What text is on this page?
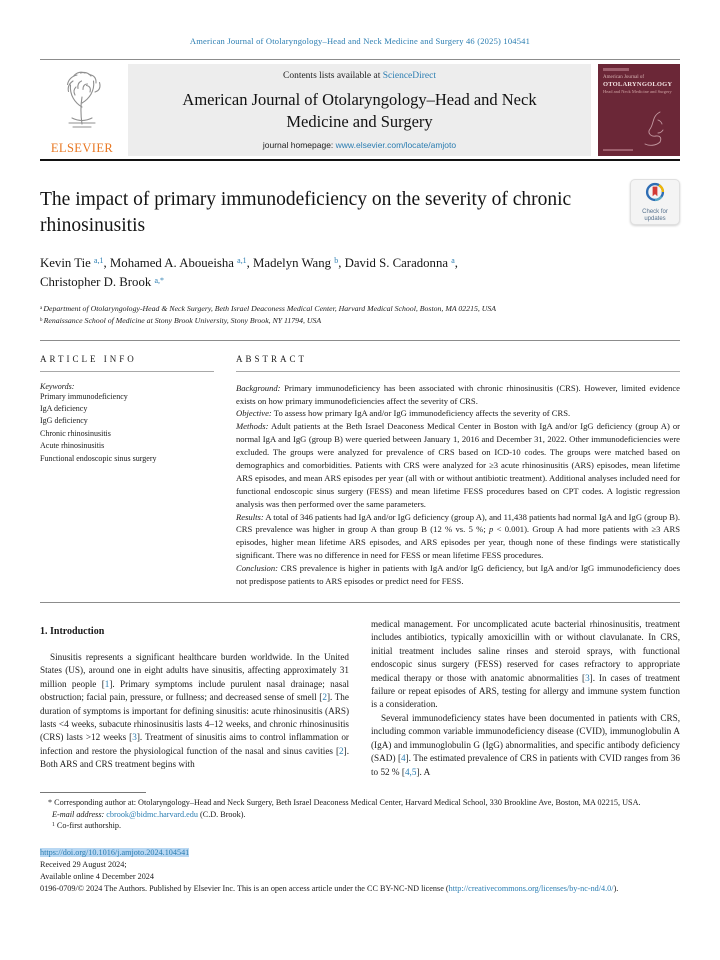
American Journal of Otolaryngology–Head and Neck Medicine and Surgery 46 (2025) 104541
ELSEVIER
Contents lists available at ScienceDirect
American Journal of Otolaryngology–Head and Neck Medicine and Surgery
journal homepage: www.elsevier.com/locate/amjoto
American Journal of
OTOLARYNGOLOGY
Head and Neck Medicine and Surgery
The impact of primary immunodeficiency on the severity of chronic rhinosinusitis
Check for
updates
Kevin Tie $^{a,1}$, Mohamed A. Aboueisha $^{a,1}$, Madelyn Wang $^b$, David S. Caradonna $^a$,
Christopher D. Brook $^{a,*}$
$^a$ Department of Otolaryngology-Head & Neck Surgery, Beth Israel Deaconess Medical Center, Harvard Medical School, Boston, MA 02215, USA
$^b$ Renaissance School of Medicine at Stony Brook University, Stony Brook, NY 11794, USA
ARTICLE INFO
Keywords:
Primary immunodeficiency
IgA deficiency
IgG deficiency
Chronic rhinosinusitis
Acute rhinosinusitis
Functional endoscopic sinus surgery
ABSTRACT

Background: Primary immunodeficiency has been associated with chronic rhinosinusitis (CRS). However, limited evidence exists on how primary immunodeficiencies affect the severity of CRS.

Objective: To assess how primary IgA and/or IgG immunodeficiency affects the severity of CRS.

Methods: Adult patients at the Beth Israel Deaconess Medical Center in Boston with IgA and/or IgG deficiency (group A) or normal IgA and IgG (group B) were queried between January 1, 2016 and December 31, 2022. Other immunodeficiencies were excluded. The groups were analyzed for prevalence of CRS based on ICD-10 codes. The groups were matched based on demographics and comorbidities. Patients with CRS were analyzed for ≥3 acute rhinosinusitis (ARS) episodes, mean lifetime ARS episodes, and mean ARS episodes per year (all with or without antibiotic treatment). Additional analyses included need for functional endoscopic sinus surgery (FESS) and mean lifetime FESS procedures based on CPT codes. A logistic regression analysis was then performed over the same parameters.

Results: A total of 346 patients had IgA and/or IgG deficiency (group A), and 11,438 patients had normal IgA and IgG (group B). CRS prevalence was higher in group A than group B (12 % vs. 5 %; p < 0.001). Group A had more patients with ≥3 ARS episodes, higher mean lifetime ARS episodes, and ARS episodes per year, though none of these findings were statistically significant. There was no difference in need for FESS or mean lifetime FESS procedures.

Conclusion: CRS prevalence is higher in patients with IgA and/or IgG deficiency, but IgA and/or IgG immunodeficiency does not predispose patients to ARS episodes or predict need for FESS.

1. Introduction

Sinusitis represents a significant healthcare burden worldwide. In the United States (US), around one in eight adults have sinusitis, affecting approximately 31 million people [1]. Primary symptoms include purulent nasal drainage; nasal obstruction; facial pain, pressure, or fullness; and decreased sense of smell [2]. The duration of symptoms is important for defining sinusitis: acute rhinosinusitis (ARS) lasts <4 weeks, subacute rhinosinusitis lasts 4–12 weeks, and chronic rhinosinusitis (CRS) lasts >12 weeks [3]. Treatment of sinusitis aims to control inflammation or infection and restore the physiological function of the nasal and sinus cavities [2]. Both ARS and CRS treatment begins with

medical management. For uncomplicated acute bacterial rhinosinusitis, treatment includes antibiotics, typically amoxicillin with or without clavulanate. In CRS, initial treatment includes saline rinses and steroid sprays, with functional endoscopic sinus surgery (FESS) reserved for cases refractory to appropriate medical therapy or those with anatomic abnormalities [3]. In cases of treatment failure or repeat episodes of ARS, testing for allergy and immune system function is a consideration.

Several immunodeficiency states have been documented in patients with CRS, including common variable immunodeficiency disease (CVID), immunoglobulin A (IgA) and immunoglobulin G (IgG) abnormalities, and specific antibody deficiency (SAD) [4]. The estimated prevalence of CRS in patients with CVID ranges from 36 to 52 % [4,5]. A

* Corresponding author at: Otolaryngology–Head and Neck Surgery, Beth Israel Deaconess Medical Center, Harvard Medical School, 330 Brookline Ave, Boston, MA 02215, USA.

E-mail address: cbrook@bidmc.harvard.edu (C.D. Brook).

$^1$ Co-first authorship.

https://doi.org/10.1016/j.amjoto.2024.104541
Received 29 August 2024;
Available online 4 December 2024
0196-0709/© 2024 The Authors. Published by Elsevier Inc. This is an open access article under the CC BY-NC-ND license (http://creativecommons.org/licenses/by-nc-nd/4.0/).
